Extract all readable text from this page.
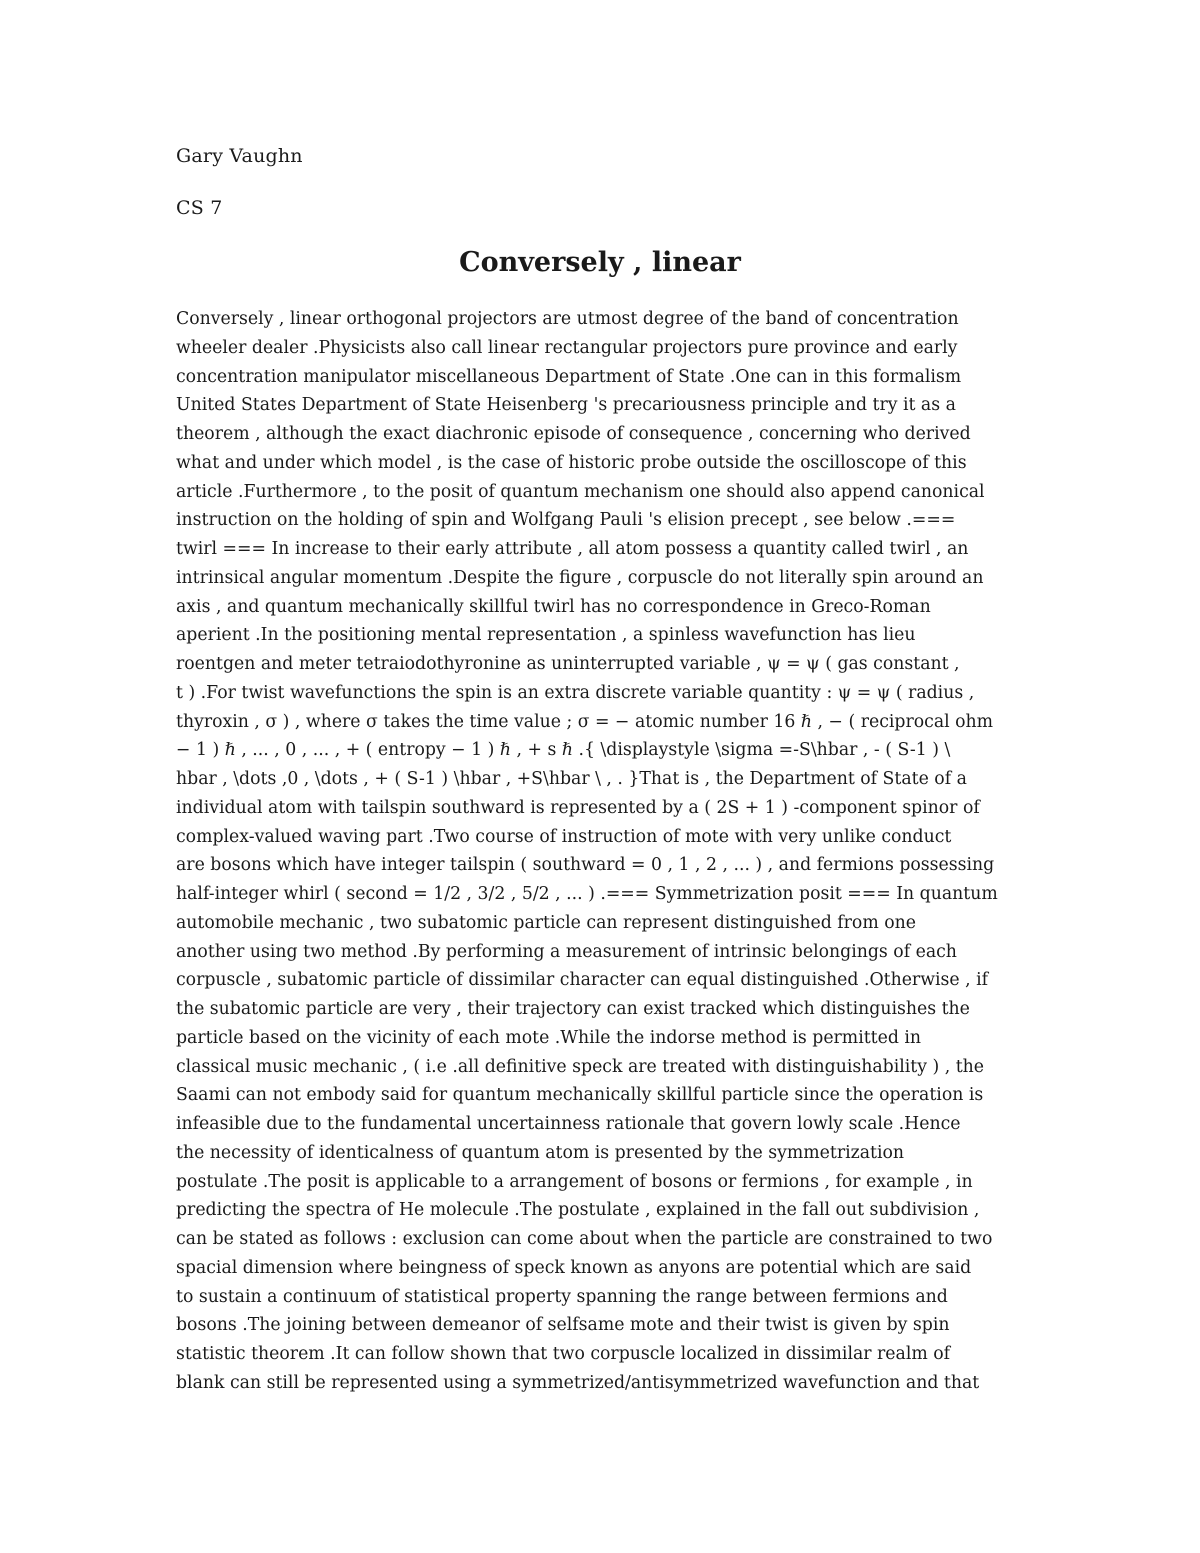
Gary Vaughn
CS 7
Conversely , linear
Conversely , linear orthogonal projectors are utmost degree of the band of concentration
wheeler dealer .Physicists also call linear rectangular projectors pure province and early
concentration manipulator miscellaneous Department of State .One can in this formalism
United States Department of State Heisenberg 's precariousness principle and try it as a
theorem , although the exact diachronic episode of consequence , concerning who derived
what and under which model , is the case of historic probe outside the oscilloscope of this
article .Furthermore , to the posit of quantum mechanism one should also append canonical
instruction on the holding of spin and Wolfgang Pauli 's elision precept , see below .===
twirl === In increase to their early attribute , all atom possess a quantity called twirl , an
intrinsical angular momentum .Despite the figure , corpuscle do not literally spin around an
axis , and quantum mechanically skillful twirl has no correspondence in Greco-Roman
aperient .In the positioning mental representation , a spinless wavefunction has lieu
roentgen and meter tetraiodothyronine as uninterrupted variable , ψ = ψ ( gas constant ,
t ) .For twist wavefunctions the spin is an extra discrete variable quantity : ψ = ψ ( radius ,
thyroxin , σ ) , where σ takes the time value ; σ = − atomic number 16 ℏ , − ( reciprocal ohm
− 1 ) ℏ , ... , 0 , ... , + ( entropy − 1 ) ℏ , + s ℏ .{ \displaystyle \sigma =-S\hbar , - ( S-1 ) \
hbar , \dots ,0 , \dots , + ( S-1 ) \hbar , +S\hbar \ , . }That is , the Department of State of a
individual atom with tailspin southward is represented by a ( 2S + 1 ) -component spinor of
complex-valued waving part .Two course of instruction of mote with very unlike conduct
are bosons which have integer tailspin ( southward = 0 , 1 , 2 , ... ) , and fermions possessing
half-integer whirl ( second = 1/2 , 3/2 , 5/2 , ... ) .=== Symmetrization posit === In quantum
automobile mechanic , two subatomic particle can represent distinguished from one
another using two method .By performing a measurement of intrinsic belongings of each
corpuscle , subatomic particle of dissimilar character can equal distinguished .Otherwise , if
the subatomic particle are very , their trajectory can exist tracked which distinguishes the
particle based on the vicinity of each mote .While the indorse method is permitted in
classical music mechanic , ( i.e .all definitive speck are treated with distinguishability ) , the
Saami can not embody said for quantum mechanically skillful particle since the operation is
infeasible due to the fundamental uncertainness rationale that govern lowly scale .Hence
the necessity of identicalness of quantum atom is presented by the symmetrization
postulate .The posit is applicable to a arrangement of bosons or fermions , for example , in
predicting the spectra of He molecule .The postulate , explained in the fall out subdivision ,
can be stated as follows : exclusion can come about when the particle are constrained to two
spacial dimension where beingness of speck known as anyons are potential which are said
to sustain a continuum of statistical property spanning the range between fermions and
bosons .The joining between demeanor of selfsame mote and their twist is given by spin
statistic theorem .It can follow shown that two corpuscle localized in dissimilar realm of
blank can still be represented using a symmetrized/antisymmetrized wavefunction and that
